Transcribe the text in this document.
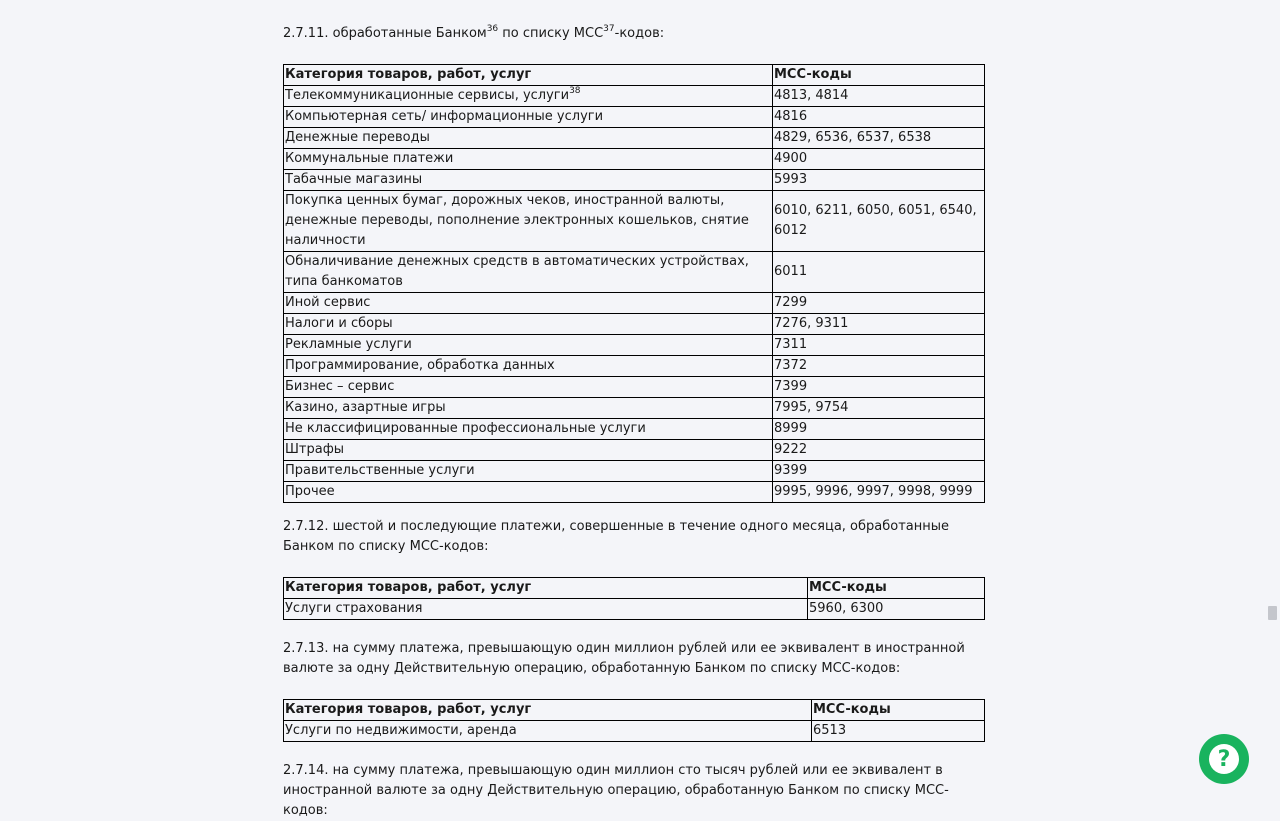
2.7.11. обработанные Банком$^{36}$ по списку MCC$^{37}$-кодов:

Категория товаров, работ, услуг	MCC-коды
Телекоммуникационные сервисы, услуги$^{38}$	4813, 4814
Компьютерная сеть/ информационные услуги	4816
Денежные переводы	4829, 6536, 6537, 6538
Коммунальные платежи	4900
Табачные магазины	5993
Покупка ценных бумаг, дорожных чеков, иностранной валюты, денежные переводы, пополнение электронных кошельков, снятие наличности	6010, 6211, 6050, 6051, 6540, 6012
Обналичивание денежных средств в автоматических устройствах, типа банкоматов	6011
Иной сервис	7299
Налоги и сборы	7276, 9311
Рекламные услуги	7311
Программирование, обработка данных	7372
Бизнес – сервис	7399
Казино, азартные игры	7995, 9754
Не классифицированные профессиональные услуги	8999
Штрафы	9222
Правительственные услуги	9399
Прочее	9995, 9996, 9997, 9998, 9999

2.7.12. шестой и последующие платежи, совершенные в течение одного месяца, обработанные Банком по списку MCC-кодов:

Категория товаров, работ, услуг	MCC-коды
Услуги страхования	5960, 6300

2.7.13. на сумму платежа, превышающую один миллион рублей или ее эквивалент в иностранной валюте за одну Действительную операцию, обработанную Банком по списку MCC-кодов:

Категория товаров, работ, услуг	MCC-коды
Услуги по недвижимости, аренда	6513

2.7.14. на сумму платежа, превышающую один миллион сто тысяч рублей или ее эквивалент в иностранной валюте за одну Действительную операцию, обработанную Банком по списку MCC-кодов:

?
